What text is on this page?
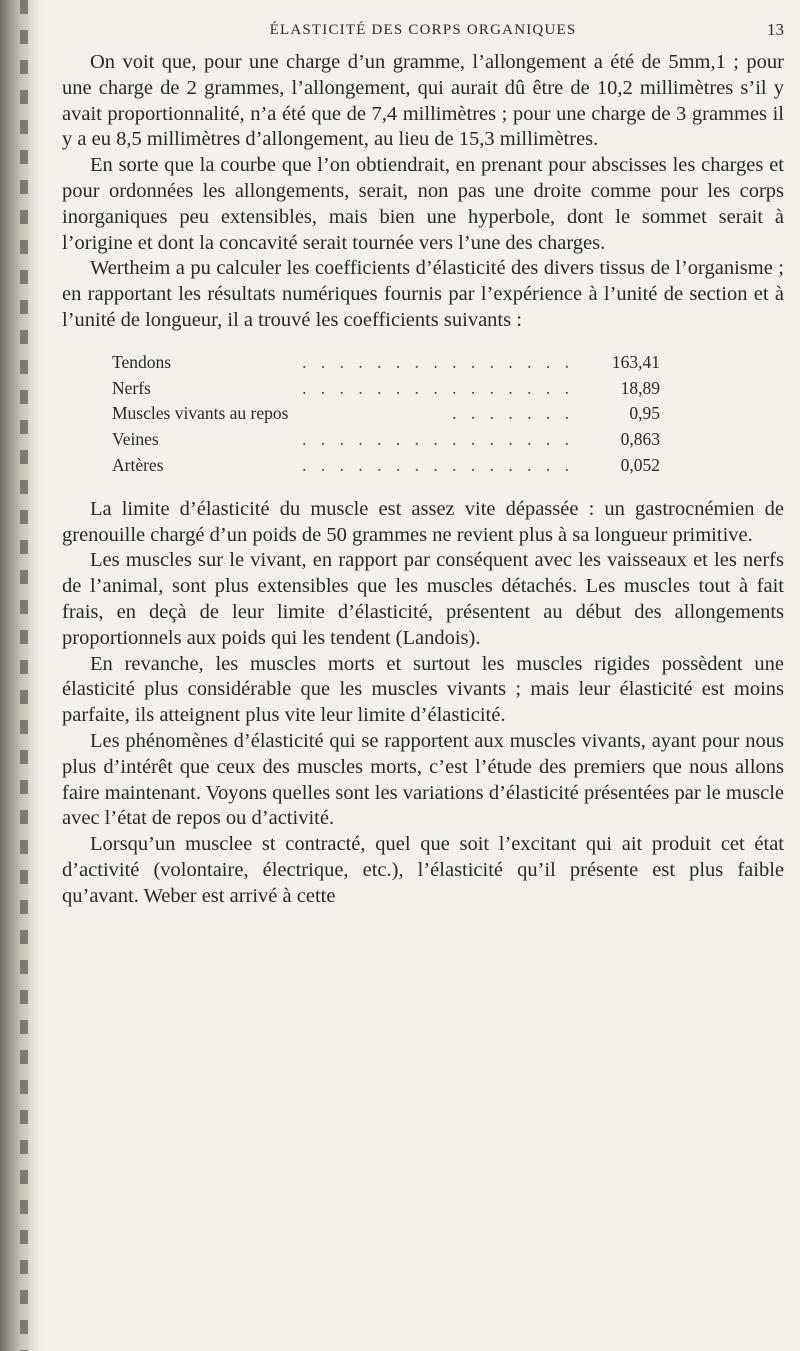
ÉLASTICITÉ DES CORPS ORGANIQUES	13

On voit que, pour une charge d’un gramme, l’allongement a été de 5mm,1 ; pour une charge de 2 grammes, l’allongement, qui aurait dû être de 10,2 millimètres s’il y avait proportionnalité, n’a été que de 7,4 millimètres ; pour une charge de 3 grammes il y a eu 8,5 millimètres d’allongement, au lieu de 15,3 millimètres.

En sorte que la courbe que l’on obtiendrait, en prenant pour abscisses les charges et pour ordonnées les allongements, serait, non pas une droite comme pour les corps inorganiques peu extensibles, mais bien une hyperbole, dont le sommet serait à l’origine et dont la concavité serait tournée vers l’une des charges.

Wertheim a pu calculer les coefficients d’élasticité des divers tissus de l’organisme ; en rapportant les résultats numériques fournis par l’expérience à l’unité de section et à l’unité de longueur, il a trouvé les coefficients suivants :

Tendons	. . . . . . . . . . . . . . .	163,41
Nerfs	. . . . . . . . . . . . . . .	18,89
Muscles vivants au repos	. . . . . . .	0,95
Veines	. . . . . . . . . . . . . . .	0,863
Artères	. . . . . . . . . . . . . . .	0,052

La limite d’élasticité du muscle est assez vite dépassée : un gastrocnémien de grenouille chargé d’un poids de 50 grammes ne revient plus à sa longueur primitive.

Les muscles sur le vivant, en rapport par conséquent avec les vaisseaux et les nerfs de l’animal, sont plus extensibles que les muscles détachés. Les muscles tout à fait frais, en deçà de leur limite d’élasticité, présentent au début des allongements proportionnels aux poids qui les tendent (Landois).

En revanche, les muscles morts et surtout les muscles rigides possèdent une élasticité plus considérable que les muscles vivants ; mais leur élasticité est moins parfaite, ils atteignent plus vite leur limite d’élasticité.

Les phénomènes d’élasticité qui se rapportent aux muscles vivants, ayant pour nous plus d’intérêt que ceux des muscles morts, c’est l’étude des premiers que nous allons faire maintenant. Voyons quelles sont les variations d’élasticité présentées par le muscle avec l’état de repos ou d’activité.

Lorsqu’un musclee st contracté, quel que soit l’excitant qui ait produit cet état d’activité (volontaire, électrique, etc.), l’élasticité qu’il présente est plus faible qu’avant. Weber est arrivé à cette
